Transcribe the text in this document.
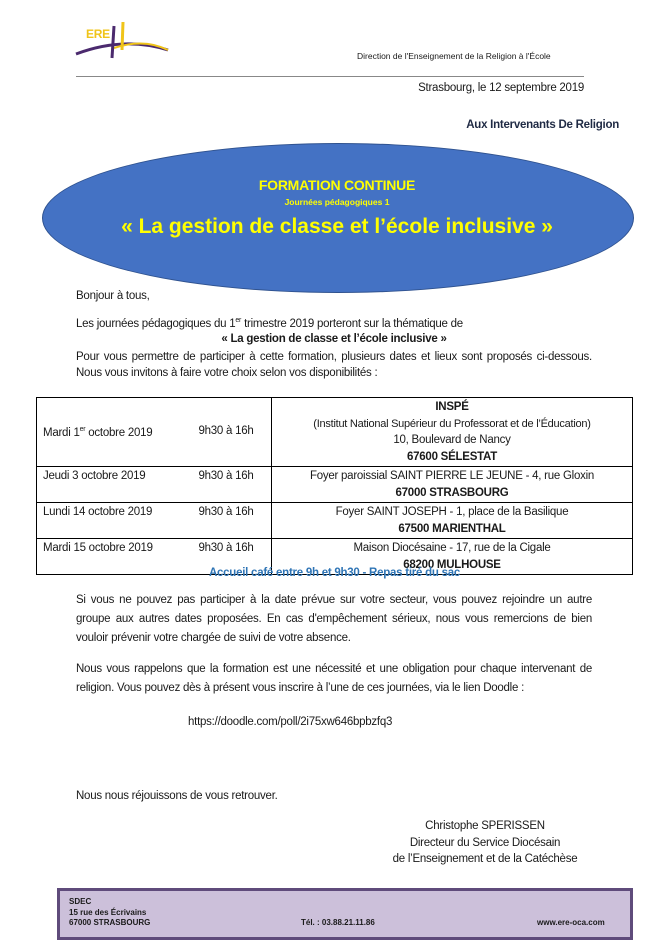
ERE
Direction de l'Enseignement de la Religion à l'École
Strasbourg, le 12 septembre 2019
Aux Intervenants De Religion
FORMATION CONTINUE
Journées pédagogiques 1
« La gestion de classe et l’école inclusive »
Bonjour à tous,
Les journées pédagogiques du 1er trimestre 2019 porteront sur la thématique de
« La gestion de classe et l’école inclusive »

Pour vous permettre de participer à cette formation, plusieurs dates et lieux sont proposés ci-dessous. Nous vous invitons à faire votre choix selon vos disponibilités :

Mardi 1er octobre 2019	9h30 à 16h	INSPÉ
(Institut National Supérieur du Professorat et de l’Éducation)
10, Boulevard de Nancy
67600 SÉLESTAT
Jeudi 3 octobre 2019	9h30 à 16h	Foyer paroissial SAINT PIERRE LE JEUNE - 4, rue Gloxin
67000 STRASBOURG
Lundi 14 octobre 2019	9h30 à 16h	Foyer SAINT JOSEPH - 1, place de la Basilique
67500 MARIENTHAL
Mardi 15 octobre 2019	9h30 à 16h	Maison Diocésaine - 17, rue de la Cigale
68200 MULHOUSE
Accueil café entre 9h et 9h30 - Repas tiré du sac

Si vous ne pouvez pas participer à la date prévue sur votre secteur, vous pouvez rejoindre un autre groupe aux autres dates proposées. En cas d'empêchement sérieux, nous vous remercions de bien vouloir prévenir votre chargée de suivi de votre absence.

Nous vous rappelons que la formation est une nécessité et une obligation pour chaque intervenant de religion. Vous pouvez dès à présent vous inscrire à l’une de ces journées, via le lien Doodle :

https://doodle.com/poll/2i75xw646bpbzfq3
Nous nous réjouissons de vous retrouver.
Christophe SPERISSEN
Directeur du Service Diocésain
de l’Enseignement et de la Catéchèse
SDEC
15 rue des Écrivains
67000 STRASBOURG	Tél. : 03.88.21.11.86	www.ere-oca.com
